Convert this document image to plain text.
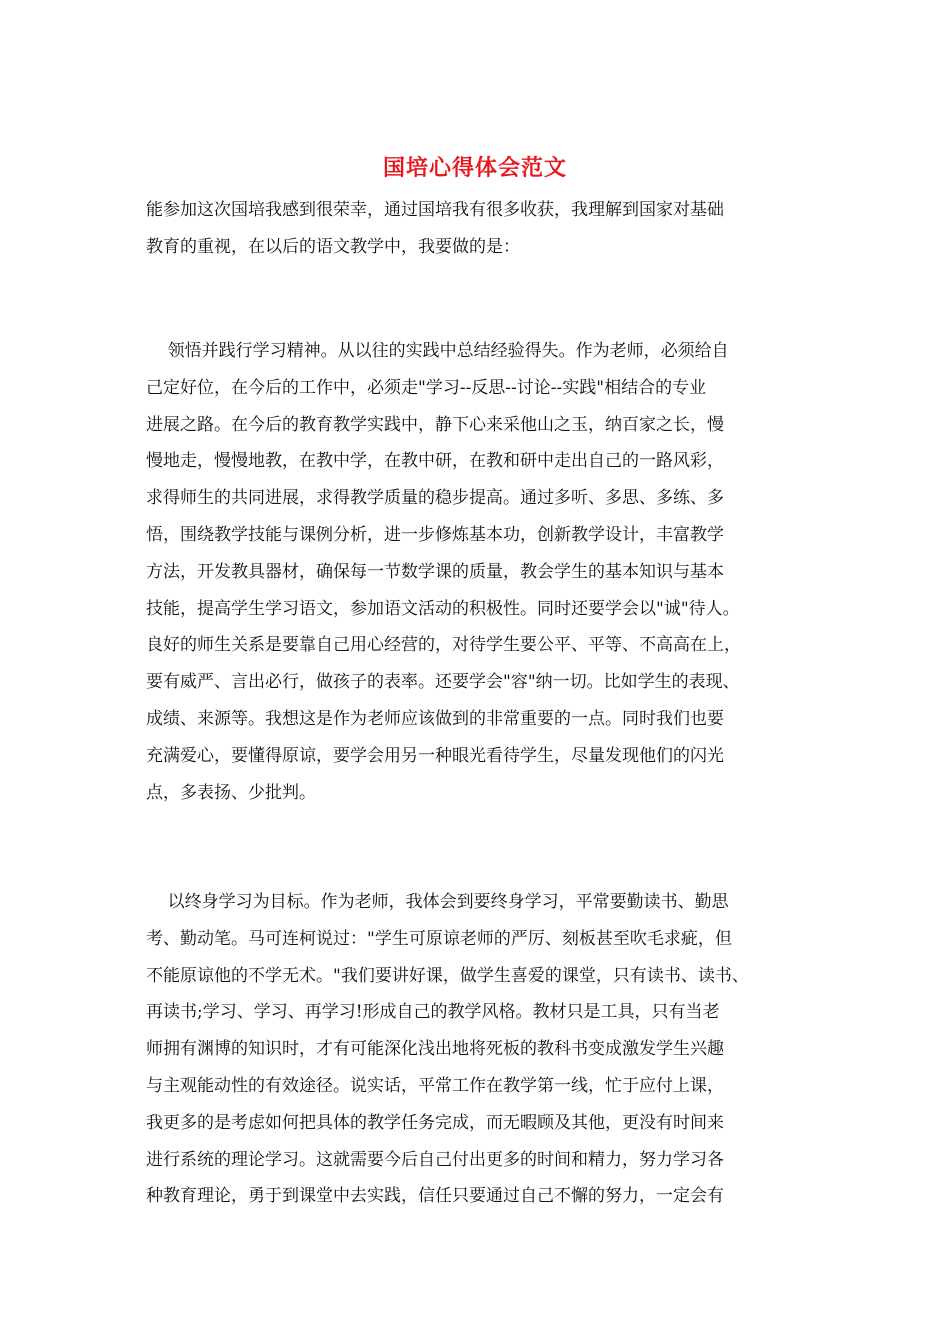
国培心得体会范文
能参加这次国培我感到很荣幸，通过国培我有很多收获，我理解到国家对基础
教育的重视，在以后的语文教学中，我要做的是：
领悟并践行学习精神。从以往的实践中总结经验得失。作为老师，必须给自
己定好位，在今后的工作中，必须走"学习--反思--讨论--实践"相结合的专业
进展之路。在今后的教育教学实践中，静下心来采他山之玉，纳百家之长，慢
慢地走，慢慢地教，在教中学，在教中研，在教和研中走出自己的一路风彩，
求得师生的共同进展，求得教学质量的稳步提高。通过多听、多思、多练、多
悟，围绕教学技能与课例分析，进一步修炼基本功，创新教学设计，丰富教学
方法，开发教具器材，确保每一节数学课的质量，教会学生的基本知识与基本
技能，提高学生学习语文，参加语文活动的积极性。同时还要学会以"诚"待人。
良好的师生关系是要靠自己用心经营的，对待学生要公平、平等、不高高在上，
要有威严、言出必行，做孩子的表率。还要学会"容"纳一切。比如学生的表现、
成绩、来源等。我想这是作为老师应该做到的非常重要的一点。同时我们也要
充满爱心，要懂得原谅，要学会用另一种眼光看待学生，尽量发现他们的闪光
点，多表扬、少批判。
以终身学习为目标。作为老师，我体会到要终身学习，平常要勤读书、勤思
考、勤动笔。马可连柯说过："学生可原谅老师的严厉、刻板甚至吹毛求疵，但
不能原谅他的不学无术。"我们要讲好课，做学生喜爱的课堂，只有读书、读书、
再读书;学习、学习、再学习!形成自己的教学风格。教材只是工具，只有当老
师拥有渊博的知识时，才有可能深化浅出地将死板的教科书变成激发学生兴趣
与主观能动性的有效途径。说实话，平常工作在教学第一线，忙于应付上课，
我更多的是考虑如何把具体的教学任务完成，而无暇顾及其他，更没有时间来
进行系统的理论学习。这就需要今后自己付出更多的时间和精力，努力学习各
种教育理论，勇于到课堂中去实践，信任只要通过自己不懈的努力，一定会有
